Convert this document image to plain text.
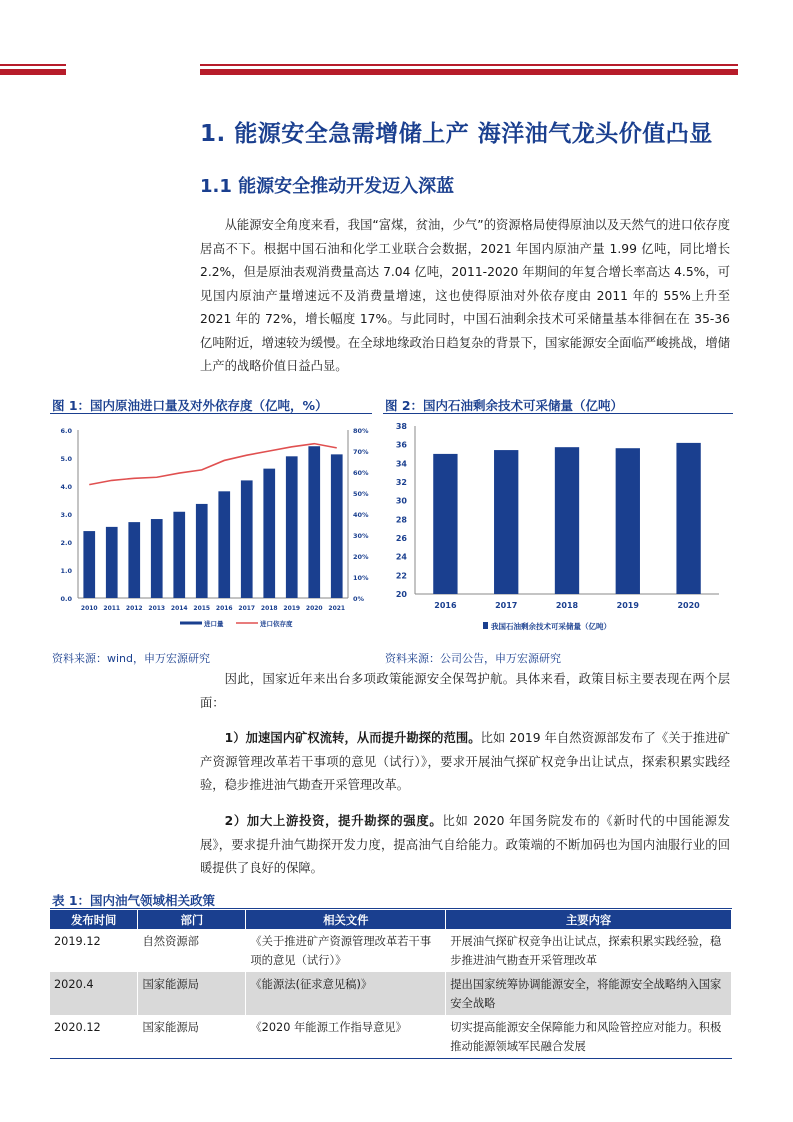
1. 能源安全急需增储上产 海洋油气龙头价值凸显
1.1 能源安全推动开发迈入深蓝
从能源安全角度来看，我国“富煤，贫油，少气”的资源格局使得原油以及天然气的进口依存度居高不下。根据中国石油和化学工业联合会数据，2021 年国内原油产量 1.99 亿吨，同比增长 2.2%，但是原油表观消费量高达 7.04 亿吨，2011-2020 年期间的年复合增长率高达 4.5%，可见国内原油产量增速远不及消费量增速，这也使得原油对外依存度由 2011 年的 55%上升至 2021 年的 72%，增长幅度 17%。与此同时，中国石油剩余技术可采储量基本徘徊在在 35-36 亿吨附近，增速较为缓慢。在全球地缘政治日趋复杂的背景下，国家能源安全面临严峻挑战，增储上产的战略价值日益凸显。
图 1：国内原油进口量及对外依存度（亿吨，%）
0.0
1.0
2.0
3.0
4.0
5.0
6.0
0%
10%
20%
30%
40%
50%
60%
70%
80%
2010 2011 2012 2013 2014 2015 2016 2017 2018 2019 2020 2021
进口量	进口依存度
资料来源：wind，申万宏源研究
图 2：国内石油剩余技术可采储量（亿吨）
20
22
24
26
28
30
32
34
36
38
2016	2017	2018	2019	2020
我国石油剩余技术可采储量（亿吨）
资料来源：公司公告，申万宏源研究
因此，国家近年来出台多项政策能源安全保驾护航。具体来看，政策目标主要表现在两个层面：
1）加速国内矿权流转，从而提升勘探的范围。比如 2019 年自然资源部发布了《关于推进矿产资源管理改革若干事项的意见（试行）》，要求开展油气探矿权竞争出让试点，探索积累实践经验，稳步推进油气勘查开采管理改革。
2）加大上游投资，提升勘探的强度。比如 2020 年国务院发布的《新时代的中国能源发展》，要求提升油气勘探开发力度，提高油气自给能力。政策端的不断加码也为国内油服行业的回暖提供了良好的保障。
表 1：国内油气领域相关政策
发布时间	部门	相关文件	主要内容
2019.12	自然资源部	《关于推进矿产资源管理改革若干事项的意见（试行）》	开展油气探矿权竞争出让试点，探索积累实践经验，稳步推进油气勘查开采管理改革
2020.4	国家能源局	《能源法(征求意见稿)》	提出国家统筹协调能源安全，将能源安全战略纳入国家安全战略
2020.12	国家能源局	《2020 年能源工作指导意见》	切实提高能源安全保障能力和风险管控应对能力。积极推动能源领域军民融合发展
